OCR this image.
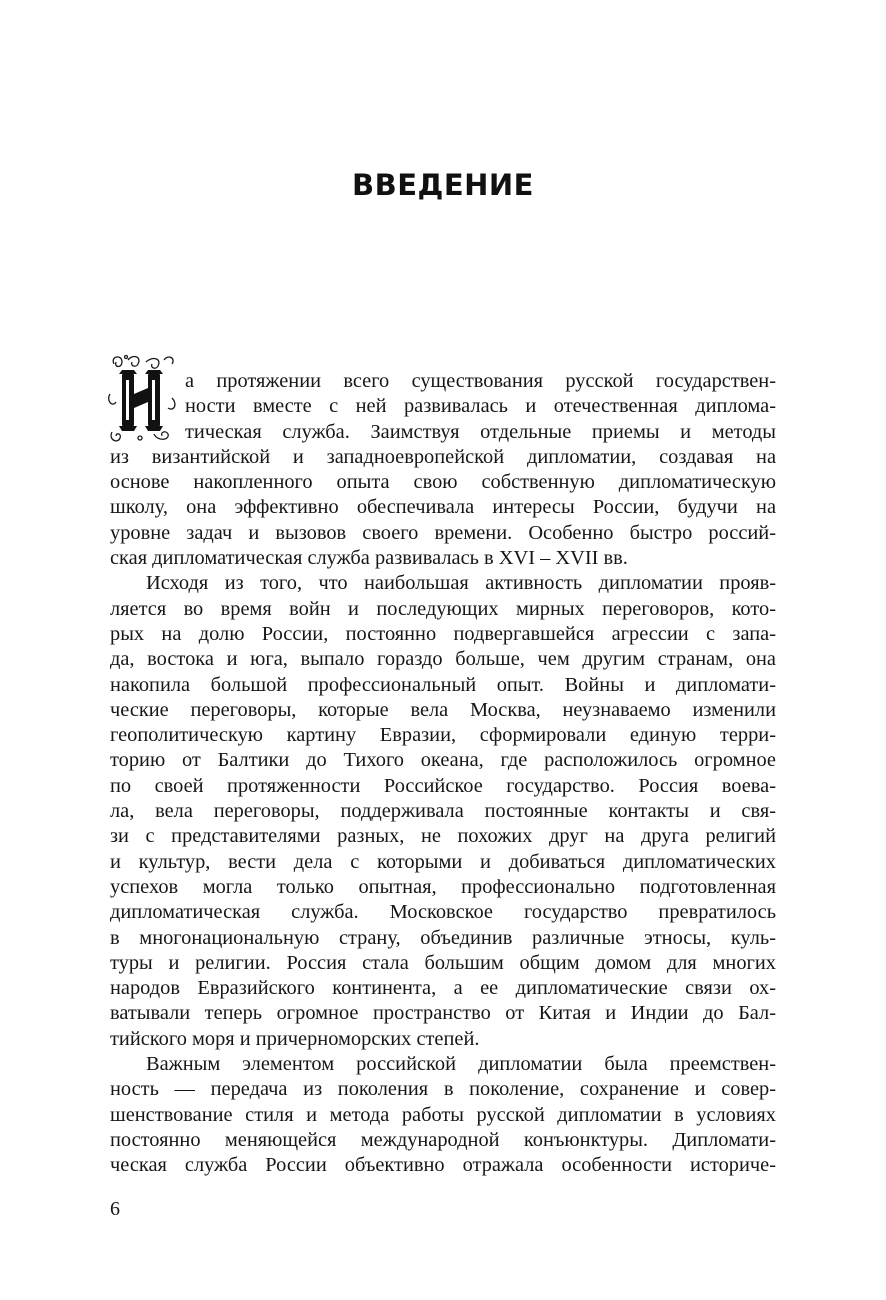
ВВЕДЕНИЕ
а протяжении всего существования русской государствен-
ности вместе с ней развивалась и отечественная диплома-
тическая служба. Заимствуя отдельные приемы и методы
из византийской и западноевропейской дипломатии, создавая на
основе накопленного опыта свою собственную дипломатическую
школу, она эффективно обеспечивала интересы России, будучи на
уровне задач и вызовов своего времени. Особенно быстро россий-
ская дипломатическая служба развивалась в XVI – XVII вв.
Исходя из того, что наибольшая активность дипломатии прояв-
ляется во время войн и последующих мирных переговоров, кото-
рых на долю России, постоянно подвергавшейся агрессии с запа-
да, востока и юга, выпало гораздо больше, чем другим странам, она
накопила большой профессиональный опыт. Войны и дипломати-
ческие переговоры, которые вела Москва, неузнаваемо изменили
геополитическую картину Евразии, сформировали единую терри-
торию от Балтики до Тихого океана, где расположилось огромное
по своей протяженности Российское государство. Россия воева-
ла, вела переговоры, поддерживала постоянные контакты и свя-
зи с представителями разных, не похожих друг на друга религий
и культур, вести дела с которыми и добиваться дипломатических
успехов могла только опытная, профессионально подготовленная
дипломатическая служба. Московское государство превратилось
в многонациональную страну, объединив различные этносы, куль-
туры и религии. Россия стала большим общим домом для многих
народов Евразийского континента, а ее дипломатические связи ох-
ватывали теперь огромное пространство от Китая и Индии до Бал-
тийского моря и причерноморских степей.
Важным элементом российской дипломатии была преемствен-
ность — передача из поколения в поколение, сохранение и совер-
шенствование стиля и метода работы русской дипломатии в условиях
постоянно меняющейся международной конъюнктуры. Дипломати-
ческая служба России объективно отражала особенности историче-

6
